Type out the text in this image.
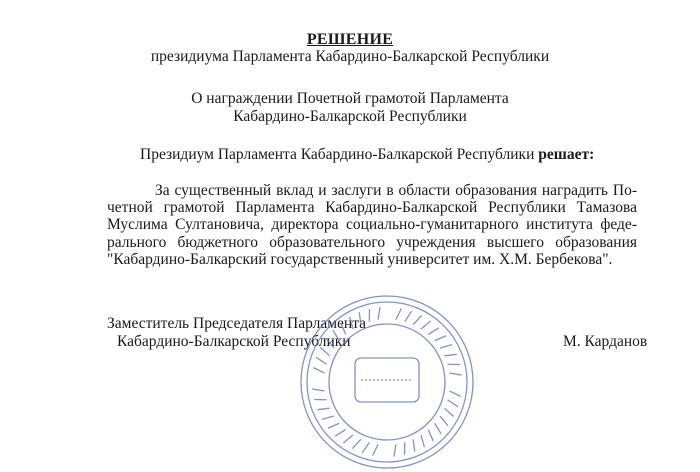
РЕШЕНИЕ
президиума Парламента Кабардино-Балкарской Республики
О награждении Почетной грамотой Парламента
Кабардино-Балкарской Республики
Президиум Парламента Кабардино-Балкарской Республики решает:
За существенный вклад и заслуги в области образования наградить Почетной грамотой Парламента Кабардино-Балкарской Республики Тамазова Муслима Султановича, директора социально-гуманитарного института федерального бюджетного образовательного учреждения высшего образования "Кабардино-Балкарский государственный университет им. Х.М. Бербекова".
Заместитель Председателя Парламента
Кабардино-Балкарской Республики	М. Карданов
